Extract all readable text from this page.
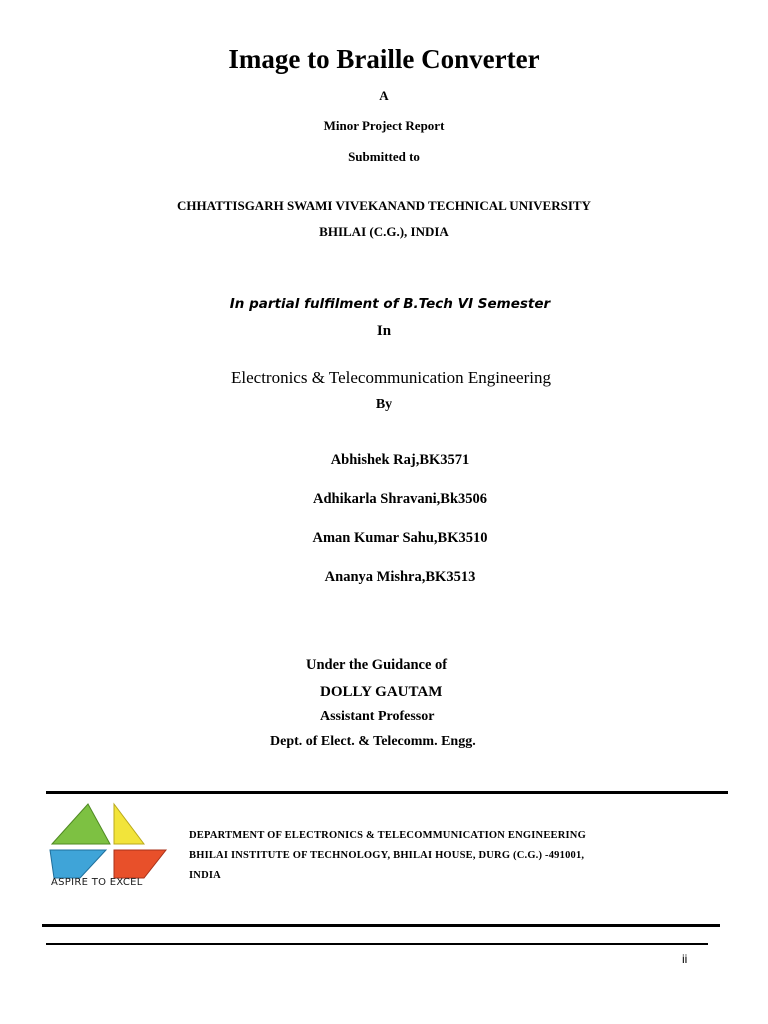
Image to Braille Converter
A
Minor Project Report
Submitted to
CHHATTISGARH SWAMI VIVEKANAND TECHNICAL UNIVERSITY
BHILAI (C.G.), INDIA
In partial fulfilment of B.Tech VI Semester
In
Electronics & Telecommunication Engineering
By
Abhishek Raj,BK3571
Adhikarla Shravani,Bk3506
Aman Kumar Sahu,BK3510
Ananya Mishra,BK3513
Under the Guidance of
DOLLY GAUTAM
Assistant Professor
Dept. of Elect. & Telecomm. Engg.
ASPIRE TO EXCEL
DEPARTMENT OF ELECTRONICS & TELECOMMUNICATION ENGINEERING
BHILAI INSTITUTE OF TECHNOLOGY, BHILAI HOUSE, DURG (C.G.) -491001,
INDIA
ii
